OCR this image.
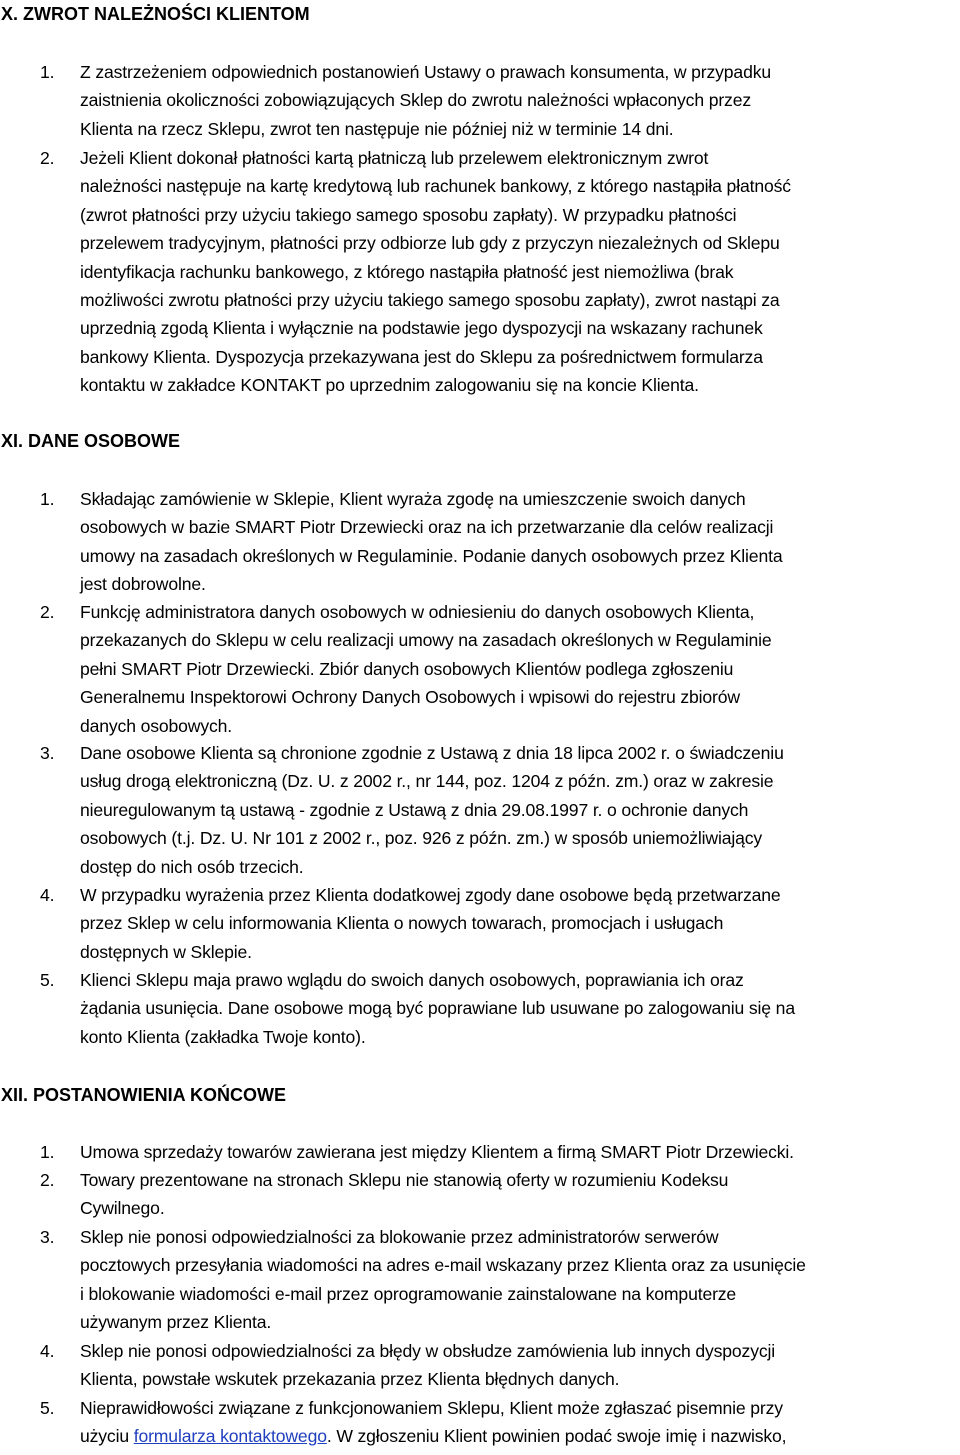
X. ZWROT NALEŻNOŚCI KLIENTOM
1.	Z zastrzeżeniem odpowiednich postanowień Ustawy o prawach konsumenta, w przypadku
zaistnienia okoliczności zobowiązujących Sklep do zwrotu należności wpłaconych przez
Klienta na rzecz Sklepu, zwrot ten następuje nie później niż w terminie 14 dni.
2.	Jeżeli Klient dokonał płatności kartą płatniczą lub przelewem elektronicznym zwrot
należności następuje na kartę kredytową lub rachunek bankowy, z którego nastąpiła płatność
(zwrot płatności przy użyciu takiego samego sposobu zapłaty). W przypadku płatności
przelewem tradycyjnym, płatności przy odbiorze lub gdy z przyczyn niezależnych od Sklepu
identyfikacja rachunku bankowego, z którego nastąpiła płatność jest niemożliwa (brak
możliwości zwrotu płatności przy użyciu takiego samego sposobu zapłaty), zwrot nastąpi za
uprzednią zgodą Klienta i wyłącznie na podstawie jego dyspozycji na wskazany rachunek
bankowy Klienta. Dyspozycja przekazywana jest do Sklepu za pośrednictwem formularza
kontaktu w zakładce KONTAKT po uprzednim zalogowaniu się na koncie Klienta.
XI. DANE OSOBOWE
1.	Składając zamówienie w Sklepie, Klient wyraża zgodę na umieszczenie swoich danych
osobowych w bazie SMART Piotr Drzewiecki oraz na ich przetwarzanie dla celów realizacji
umowy na zasadach określonych w Regulaminie. Podanie danych osobowych przez Klienta
jest dobrowolne.
2.	Funkcję administratora danych osobowych w odniesieniu do danych osobowych Klienta,
przekazanych do Sklepu w celu realizacji umowy na zasadach określonych w Regulaminie
pełni SMART Piotr Drzewiecki. Zbiór danych osobowych Klientów podlega zgłoszeniu
Generalnemu Inspektorowi Ochrony Danych Osobowych i wpisowi do rejestru zbiorów
danych osobowych.
3.	Dane osobowe Klienta są chronione zgodnie z Ustawą z dnia 18 lipca 2002 r. o świadczeniu
usług drogą elektroniczną (Dz. U. z 2002 r., nr 144, poz. 1204 z późn. zm.) oraz w zakresie
nieuregulowanym tą ustawą - zgodnie z Ustawą z dnia 29.08.1997 r. o ochronie danych
osobowych (t.j. Dz. U. Nr 101 z 2002 r., poz. 926 z późn. zm.) w sposób uniemożliwiający
dostęp do nich osób trzecich.
4.	W przypadku wyrażenia przez Klienta dodatkowej zgody dane osobowe będą przetwarzane
przez Sklep w celu informowania Klienta o nowych towarach, promocjach i usługach
dostępnych w Sklepie.
5.	Klienci Sklepu maja prawo wglądu do swoich danych osobowych, poprawiania ich oraz
żądania usunięcia. Dane osobowe mogą być poprawiane lub usuwane po zalogowaniu się na
konto Klienta (zakładka Twoje konto).
XII. POSTANOWIENIA KOŃCOWE
1.	Umowa sprzedaży towarów zawierana jest między Klientem a firmą SMART Piotr Drzewiecki.
2.	Towary prezentowane na stronach Sklepu nie stanowią oferty w rozumieniu Kodeksu
Cywilnego.
3.	Sklep nie ponosi odpowiedzialności za blokowanie przez administratorów serwerów
pocztowych przesyłania wiadomości na adres e-mail wskazany przez Klienta oraz za usunięcie
i blokowanie wiadomości e-mail przez oprogramowanie zainstalowane na komputerze
używanym przez Klienta.
4.	Sklep nie ponosi odpowiedzialności za błędy w obsłudze zamówienia lub innych dyspozycji
Klienta, powstałe wskutek przekazania przez Klienta błędnych danych.
5.	Nieprawidłowości związane z funkcjonowaniem Sklepu, Klient może zgłaszać pisemnie przy
użyciu formularza kontaktowego. W zgłoszeniu Klient powinien podać swoje imię i nazwisko,
